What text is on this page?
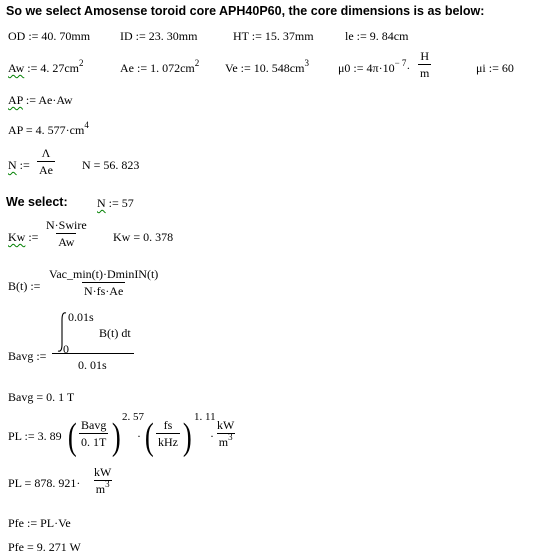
So we select Amosense toroid core APH40P60, the core dimensions is as below:
OD := 40. 70mm ID := 23. 30mm	HT := 15. 37mm	le := 9. 84cm
Aw := 4. $27cm^2$	Ae := 1. $072cm^2$ Ve := 10. $548cm^3$ μ0 := $4\pi\cdot 10^{- 7}\cdot \frac{H}{m}$	μi := 60
AP := Ae·Aw
AP = 4. $577\cdot cm^4$
N := $\frac{\Lambda}{Ae}$ N = 56. 823
We select: N := 57
Kw :=
N·Swire
Aw	Kw = 0. 378
B(t) :=
Vac_min(t)·DminIN(t)
N·fs·Ae
Bavg :=
0.01s
0
B(t) dt
0. 01s
Bavg = 0. 1 T
PL := 3. 89 ( Bavg
0. 1T ) 2. 57
· ( fs
kHz ) 1. 11
· $\frac{kW}{m^3}$
PL = 878. $921\cdot \frac{kW}{m^3}$
Pfe := PL·Ve
Pfe = 9. 271 W
